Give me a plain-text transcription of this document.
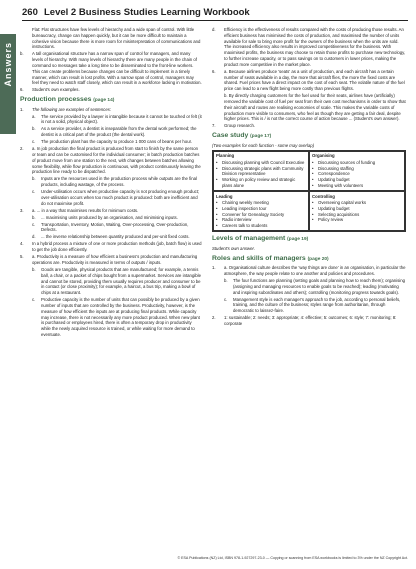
260 Level 2 Business Studies Learning Workbook
Answers
Flat: Flat structures have few levels of hierarchy and a wide span of control. With little bureaucracy, change can happen quickly, but it can be more difficult to maintain a cohesive vision because there is more room for misinterpretation of communications and instructions.
b. A tall organisational structure has a narrow span of control for managers, and many levels of hierarchy. With many levels of hierarchy there are many people in the chain of command so messages take a long time to be disseminated to the front-line workers. This can create problems because changes can be difficult to implement in a timely manner, which can result in lost profits. With a narrow span of control, managers may feel they need to watch staff closely, which can result in a workforce lacking in motivation.
6. Student's own examples.
Production processes (page 14)
1. The following are examples of sentences:
a. The service provided by a lawyer is intangible because it cannot be touched or felt (it is not a solid, physical object).
b. As a service provider, a dentist is inseparable from the dental work performed; the dentist is a critical part of the product (the dental work).
c. The production plant has the capacity to produce 1 000 cans of beans per hour.
2. a. In job production the final product is produced from start to finish by the same person or team and can be customised for the individual consumer; in batch production batches of product move from one station to the next, with changes between batches allowing some flexibility, while flow production is continuous, with product continuously leaving the production line ready to be dispatched.
b. Inputs are the resources used in the production process while outputs are the final products, including wastage, of the process.
c. Under-utilisation occurs when productive capacity is not producing enough product; over-utilisation occurs when too much product is produced: both are inefficient and do not maximise profit.
3. a. ... in a way that maximises results for minimum costs.
b. ... maximising units produced by an organisation, and minimising inputs.
c. Transportation, Inventory, Motion, Waiting, Over-processing, Over-production, Defects.
d. ... the inverse relationship between quantity produced and per-unit fixed costs.
4. In a hybrid process a mixture of one or more production methods (job, batch flow) is used to get the job done efficiently.
5. a. Productivity is a measure of how efficient a business's production and manufacturing operations are. Productivity is measured in terms of outputs / inputs.
b. Goods are tangible, physical products that are manufactured; for example, a tennis ball, a chair, or a packet of chips bought from a supermarket. Services are intangible and cannot be stored, providing them usually requires producer and consumer to be in contact (or close proximity); for example, a haircut, a bus trip, making a bowl of chips at a restaurant.
c. Productive capacity is the number of units that can possibly be produced by a given number of inputs that are controlled by the business. Productivity, however, is the measure of how efficient the inputs are at producing final products. While capacity may increase, there is not necessarily any more product produced. When new plant is purchased or employees hired, there is often a temporary drop in productivity while the newly acquired resource is trained, or while waiting for more demand to eventuate.
d. Efficiency is the effectiveness of results compared with the costs of producing those results. An efficient business has minimised the costs of production, and maximised the number of units available for sale to bring more profit for the owners of the business when the units are sold. The increased efficiency also results in improved competitiveness for the business. With maximised profits, the business may choose to retain those profits to purchase new technology, to further increase capacity, or to pass savings on to customers in lower prices, making the product more competitive in the market place.
6. a. Because airlines produce 'seats' as a unit of production, and each aircraft has a certain number of seats available in a day, the more that aircraft flies, the more the fixed costs are shared. Fuel prices have a direct impact on the cost of each seat. The volatile nature of the fuel price can lead to a new flight being more costly than previous flights.
b. By directly charging customers for the fuel used for their seats, airlines have (artificially) removed the variable cost of fuel per seat from their own cost mechanisms in order to show that their aircraft and routes are realising economies of scale. This makes the variable costs of production more visible to consumers, who feel as though they are getting a fair deal, despite higher prices. This is / is not the correct course of action because ... (Student's own answer).
7. Group research.
Case study (page 17)

(Two examples for each function - some may overlap)

Planning
• Discussing planning with Council Executive
• Discussing strategic plans with Community Division representative
• Working on policy review and strategic plans alone
Organising
• Discussing sources of funding
• Discussing staffing
• Correspondence
• Updating budget
• Meeting with volunteers
Leading
• Chairing weekly meeting
• Leading inspection tour
• Convener for Genealogy Society
• Radio interview
• Careers talk to students
Controlling
• Overseeing capital works
• Updating budget
• Selecting acquisitions
• Policy review
Levels of management (page 19)

Student's own answer.

Roles and skills of managers (page 20)
1. a. Organisational culture describes the 'way things are done' in an organisation, in particular the atmosphere, the way people relate to one another and policies and procedures.
b. The four functions are planning (setting goals and planning how to reach them); organising (assigning and managing resources to enable goals to be reached); leading (motivating and inspiring subordinates and others); controlling (monitoring progress towards goals).
c. Management style is each manager's approach to the job, according to personal beliefs, training, and the culture of the business; styles range from authoritarian, through democratic to laissez-faire.
2. 1: sustainable; 2: needs; 3: appropriate; 4: effective; 5: outcomes; 6: style; 7: monitoring; 8: corporate
© ESA Publications (NZ) Ltd, ISBN 978-1-927297-23-0 — Copying or scanning from ESA workbooks is limited to 3% under the NZ Copyright Act.
